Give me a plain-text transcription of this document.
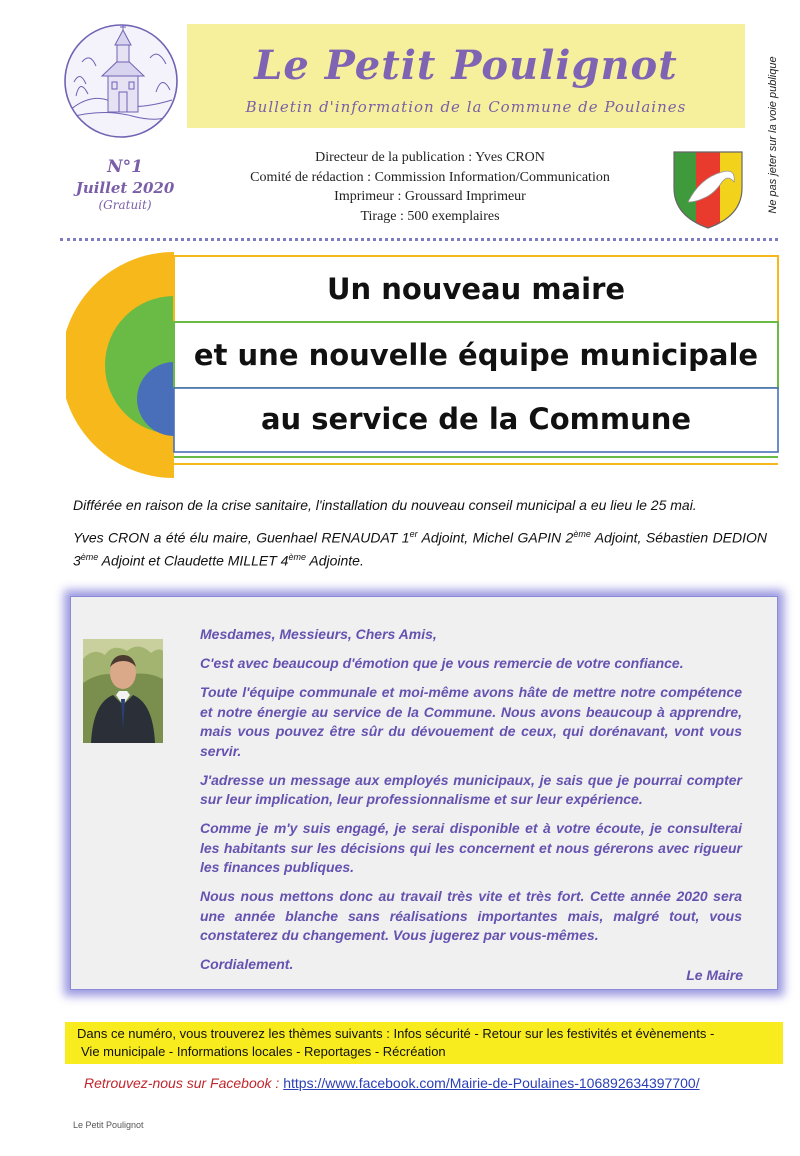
Le Petit Poulignot
Bulletin d'information de la Commune de Poulaines	Ne pas jeter sur la voie publique
N°1
Juillet 2020
(Gratuit)
Directeur de la publication : Yves CRON
Comité de rédaction : Commission Information/Communication
Imprimeur : Groussard Imprimeur
Tirage : 500 exemplaires
Un nouveau maire
et une nouvelle équipe municipale
au service de la Commune
Différée en raison de la crise sanitaire, l'installation du nouveau conseil municipal a eu lieu le 25 mai.
Yves CRON a été élu maire, Guenhael RENAUDAT 1er Adjoint, Michel GAPIN 2ème Adjoint, Sébastien DEDION 3ème Adjoint et Claudette MILLET 4ème Adjointe.

Mesdames, Messieurs, Chers Amis,

C'est avec beaucoup d'émotion que je vous remercie de votre confiance.

Toute l'équipe communale et moi-même avons hâte de mettre notre compétence et notre énergie au service de la Commune. Nous avons beaucoup à apprendre, mais vous pouvez être sûr du dévouement de ceux, qui dorénavant, vont vous servir.

J'adresse un message aux employés municipaux, je sais que je pourrai compter sur leur implication, leur professionnalisme et sur leur expérience.

Comme je m'y suis engagé, je serai disponible et à votre écoute, je consulterai les habitants sur les décisions qui les concernent et nous gérerons avec rigueur les finances publiques.

Nous nous mettons donc au travail très vite et très fort. Cette année 2020 sera une année blanche sans réalisations importantes mais, malgré tout, vous constaterez du changement. Vous jugerez par vous-mêmes.

Cordialement.

Le Maire
Dans ce numéro, vous trouverez les thèmes suivants : Infos sécurité - Retour sur les festivités et évènements -
Vie municipale - Informations locales - Reportages - Récréation
Retrouvez-nous sur Facebook : https://www.facebook.com/Mairie-de-Poulaines-106892634397700/
Le Petit Poulignot
